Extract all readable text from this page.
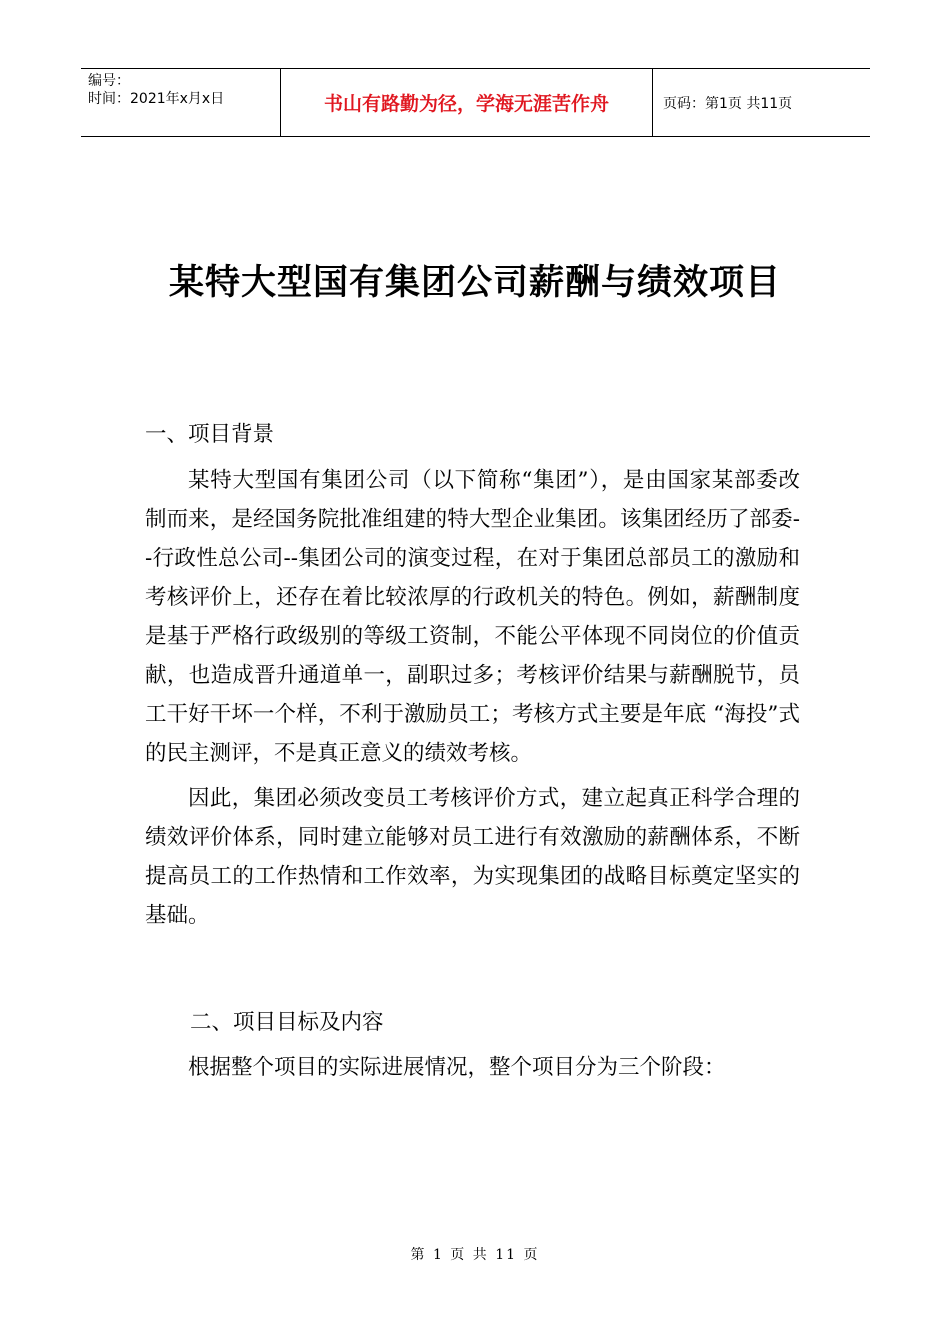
编号：
时间：2021年x月x日	书山有路勤为径，学海无涯苦作舟	页码：第1页 共11页
某特大型国有集团公司薪酬与绩效项目

一、项目背景

某特大型国有集团公司（以下简称“集团”），是由国家某部委改制而来，是经国务院批准组建的特大型企业集团。该集团经历了部委--行政性总公司--集团公司的演变过程，在对于集团总部员工的激励和考核评价上，还存在着比较浓厚的行政机关的特色。例如，薪酬制度是基于严格行政级别的等级工资制，不能公平体现不同岗位的价值贡献，也造成晋升通道单一，副职过多；考核评价结果与薪酬脱节，员工干好干坏一个样，不利于激励员工；考核方式主要是年底 “海投”式的民主测评，不是真正意义的绩效考核。

因此，集团必须改变员工考核评价方式，建立起真正科学合理的绩效评价体系，同时建立能够对员工进行有效激励的薪酬体系，不断提高员工的工作热情和工作效率，为实现集团的战略目标奠定坚实的基础。

二、项目目标及内容

根据整个项目的实际进展情况，整个项目分为三个阶段：

第 1 页 共 11 页
